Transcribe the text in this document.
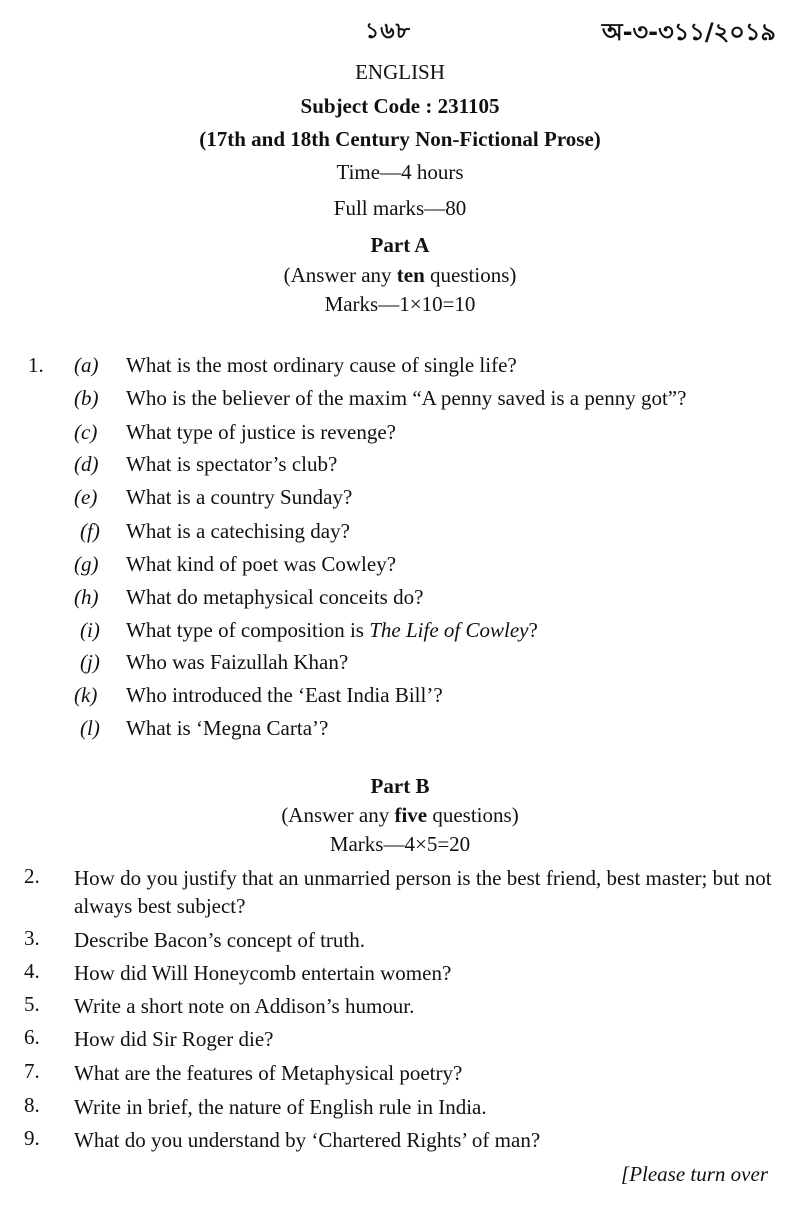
১৬৮	অ-৩-৩১১/২০১৯
ENGLISH
Subject Code : 231105
(17th and 18th Century Non-Fictional Prose)
Time—4 hours
Full marks—80
Part A
(Answer any ten questions)
Marks—1×10=10
1. (a)	What is the most ordinary cause of single life?
(b)	Who is the believer of the maxim “A penny saved is a penny got”?
(c)	What type of justice is revenge?
(d)	What is spectator’s club?
(e)	What is a country Sunday?
(f)	What is a catechising day?
(g)	What kind of poet was Cowley?
(h)	What do metaphysical conceits do?
(i)	What type of composition is The Life of Cowley?
(j)	Who was Faizullah Khan?
(k)	Who introduced the ‘East India Bill’?
(l)	What is ‘Megna Carta’?
Part B
(Answer any five questions)
Marks—4×5=20
2. How do you justify that an unmarried person is the best friend, best master; but not always best subject?
3. Describe Bacon’s concept of truth.
4. How did Will Honeycomb entertain women?
5. Write a short note on Addison’s humour.
6. How did Sir Roger die?
7. What are the features of Metaphysical poetry?
8. Write in brief, the nature of English rule in India.
9. What do you understand by ‘Chartered Rights’ of man?
[Please turn over
